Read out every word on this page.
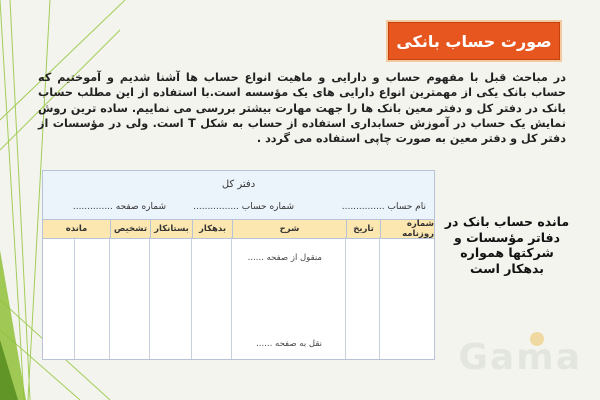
صورت حساب بانکی

در مباحث قبل با مفهوم حساب و دارایی و ماهیت انواع حساب ها آشنا شدیم و آموختیم که حساب بانک یکی از مهمترین انواع دارایی های یک مؤسسه است.با استفاده از این مطلب حساب بانک در دفتر کل و دفتر معین بانک ها را جهت مهارت بیشتر بررسی می نماییم. ساده ترین روش نمایش یک حساب در آموزش حسابداری استفاده از حساب به شکل T است. ولی در مؤسسات از دفتر کل و دفتر معین به صورت چاپی استفاده می گردد .

دفتر کل
نام حساب ...............
شماره حساب ................
شماره صفحه ..............
شماره روزنامه
تاریخ
شرح
بدهکار
بستانکار
تشخیص
مانده
منقول از صفحه ......
نقل به صفحه ......
مانده حساب بانک در دفاتر مؤسسات و شرکتها همواره بدهکار است
Gama
